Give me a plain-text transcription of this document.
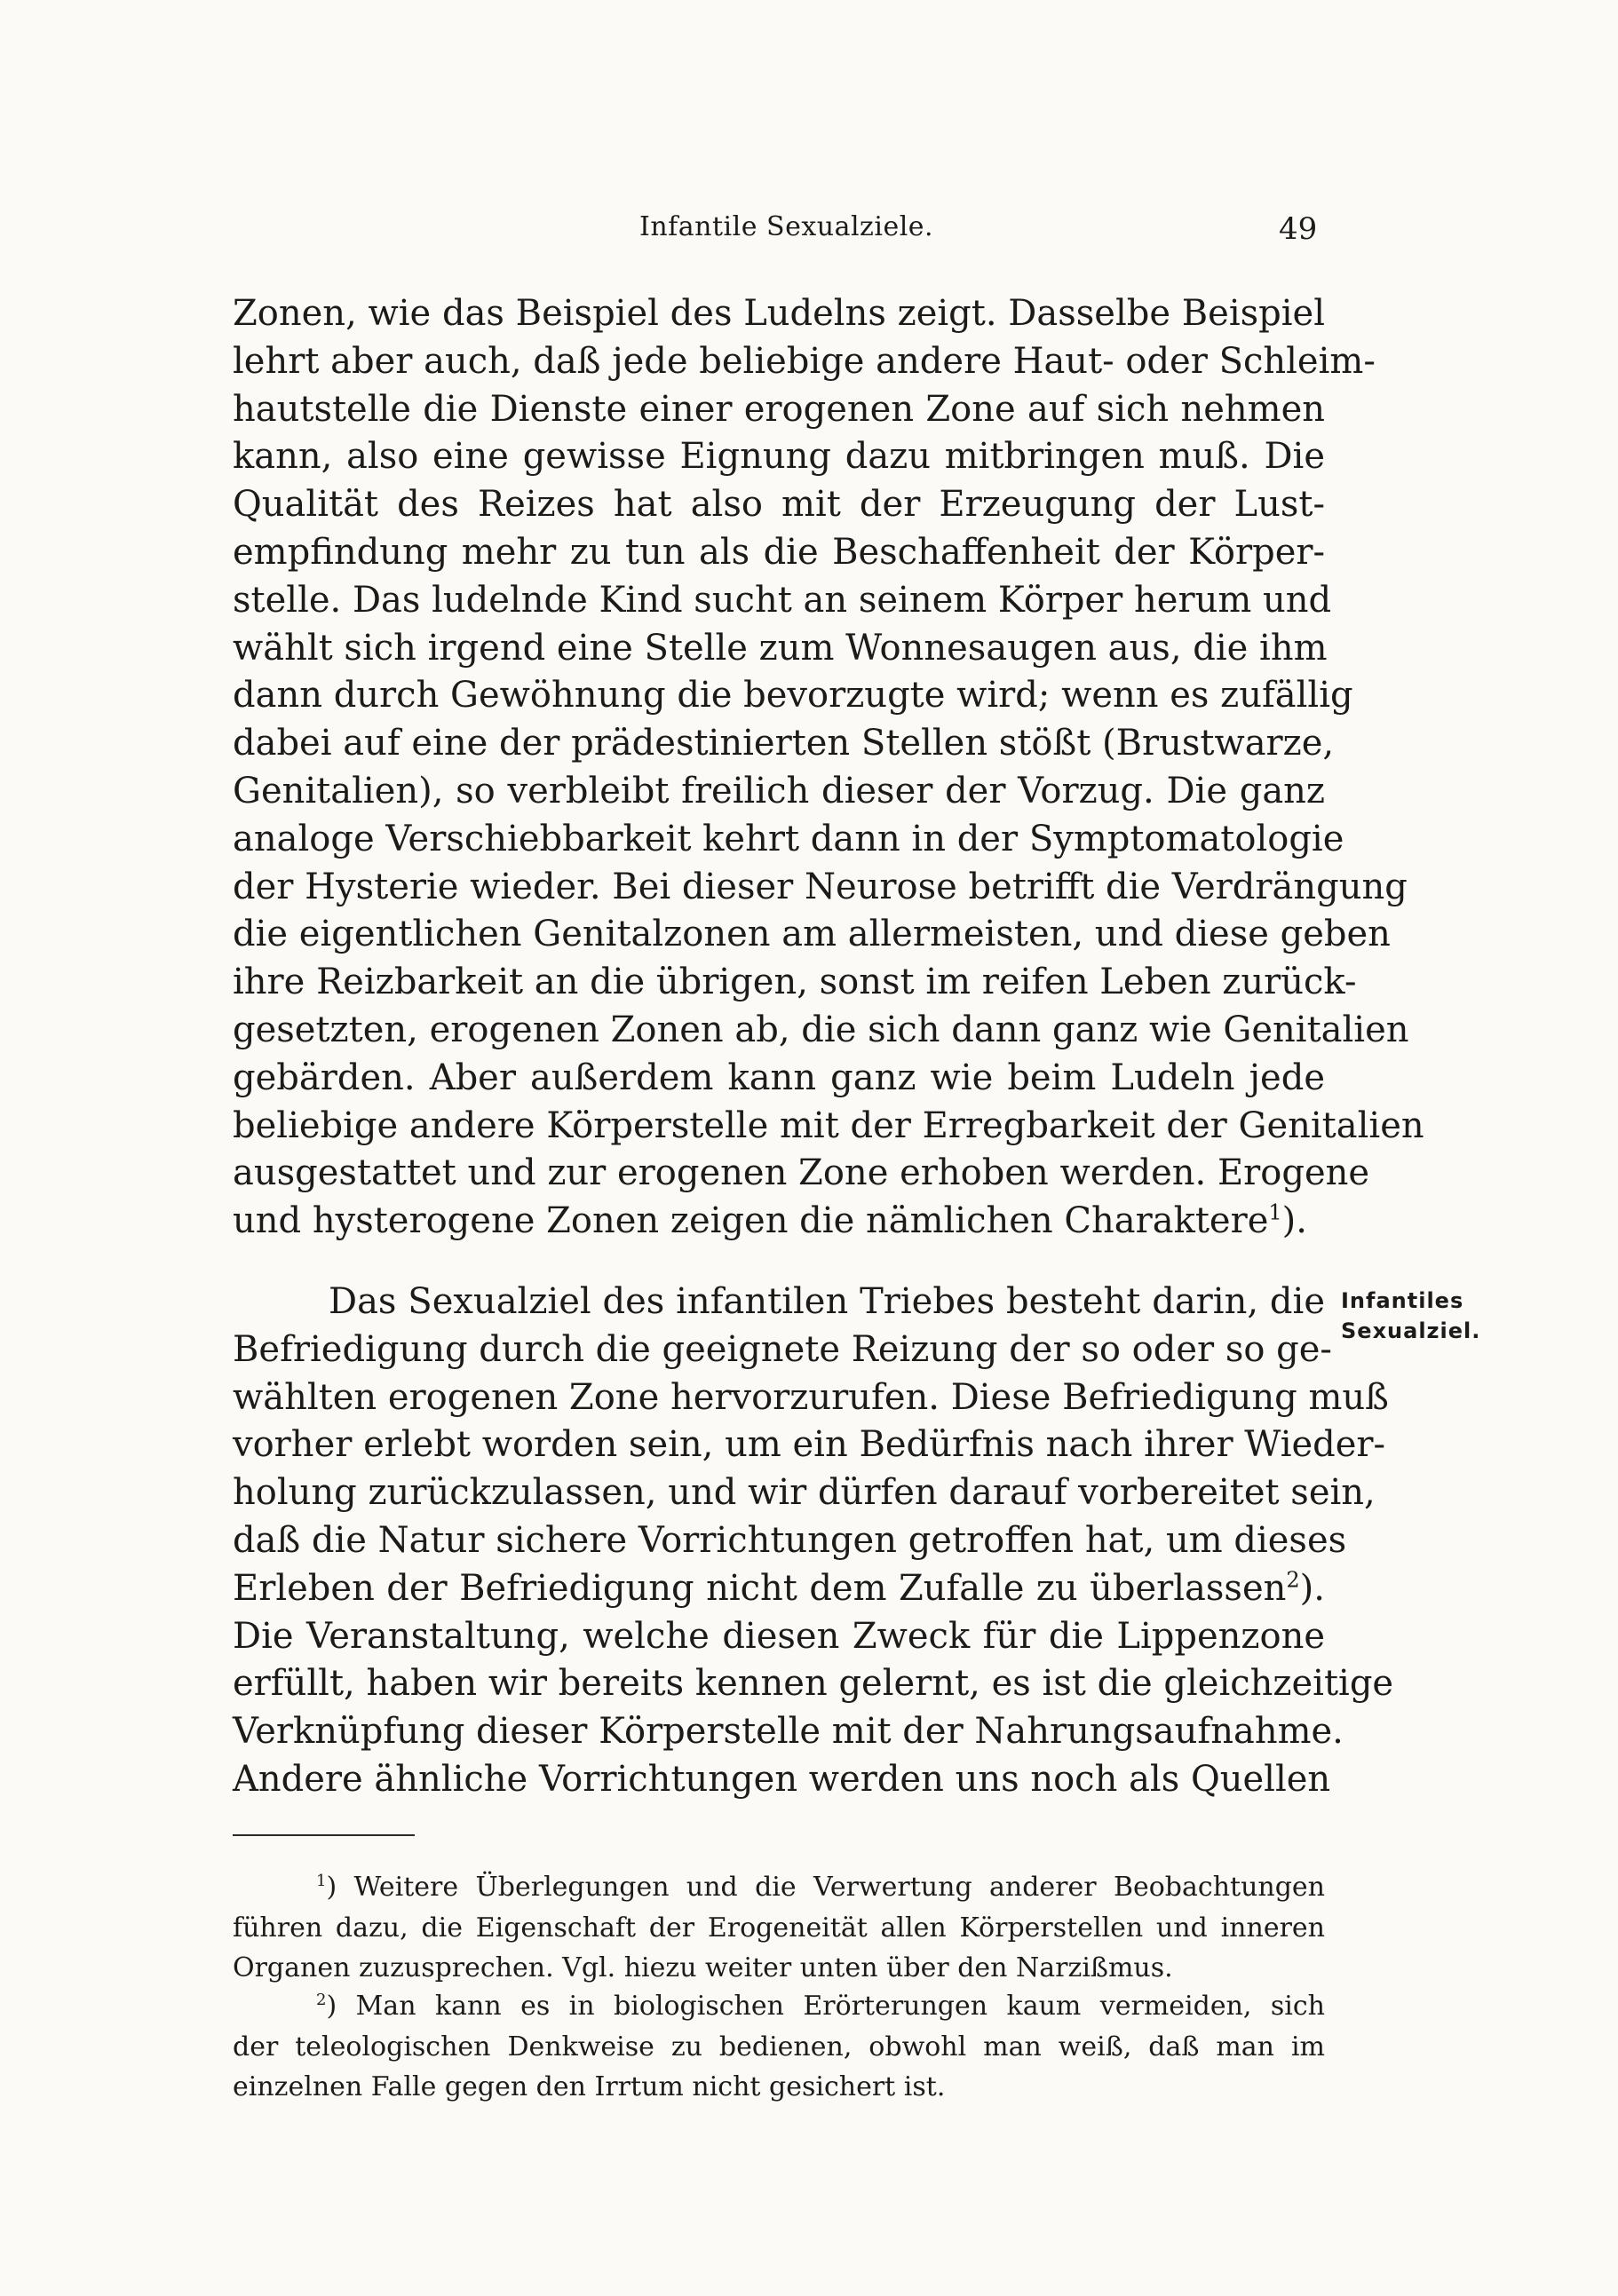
Infantile Sexualziele.	49
Zonen, wie das Beispiel des Ludelns zeigt. Dasselbe Beispiel
lehrt aber auch, daß jede beliebige andere Haut- oder Schleim-
hautstelle die Dienste einer erogenen Zone auf sich nehmen
kann, also eine gewisse Eignung dazu mitbringen muß. Die
Qualität des Reizes hat also mit der Erzeugung der Lust-
empfindung mehr zu tun als die Beschaffenheit der Körper-
stelle. Das ludelnde Kind sucht an seinem Körper herum und
wählt sich irgend eine Stelle zum Wonnesaugen aus, die ihm
dann durch Gewöhnung die bevorzugte wird; wenn es zufällig
dabei auf eine der prädestinierten Stellen stößt (Brustwarze,
Genitalien), so verbleibt freilich dieser der Vorzug. Die ganz
analoge Verschiebbarkeit kehrt dann in der Symptomatologie
der Hysterie wieder. Bei dieser Neurose betrifft die Verdrängung
die eigentlichen Genitalzonen am allermeisten, und diese geben
ihre Reizbarkeit an die übrigen, sonst im reifen Leben zurück-
gesetzten, erogenen Zonen ab, die sich dann ganz wie Genitalien
gebärden. Aber außerdem kann ganz wie beim Ludeln jede
beliebige andere Körperstelle mit der Erregbarkeit der Genitalien
ausgestattet und zur erogenen Zone erhoben werden. Erogene
und hysterogene Zonen zeigen die nämlichen Charaktere$^1$).
Das Sexualziel des infantilen Triebes besteht darin, die
Befriedigung durch die geeignete Reizung der so oder so ge-
wählten erogenen Zone hervorzurufen. Diese Befriedigung muß
vorher erlebt worden sein, um ein Bedürfnis nach ihrer Wieder-
holung zurückzulassen, und wir dürfen darauf vorbereitet sein,
daß die Natur sichere Vorrichtungen getroffen hat, um dieses
Erleben der Befriedigung nicht dem Zufalle zu überlassen$^2$).
Die Veranstaltung, welche diesen Zweck für die Lippenzone
erfüllt, haben wir bereits kennen gelernt, es ist die gleichzeitige
Verknüpfung dieser Körperstelle mit der Nahrungsaufnahme.
Andere ähnliche Vorrichtungen werden uns noch als Quellen
Infantiles
Sexualziel.
$^1$) Weitere Überlegungen und die Verwertung anderer Beobachtungen
führen dazu, die Eigenschaft der Erogeneität allen Körperstellen und inneren
Organen zuzusprechen. Vgl. hiezu weiter unten über den Narzißmus.
$^2$) Man kann es in biologischen Erörterungen kaum vermeiden, sich
der teleologischen Denkweise zu bedienen, obwohl man weiß, daß man im
einzelnen Falle gegen den Irrtum nicht gesichert ist.
